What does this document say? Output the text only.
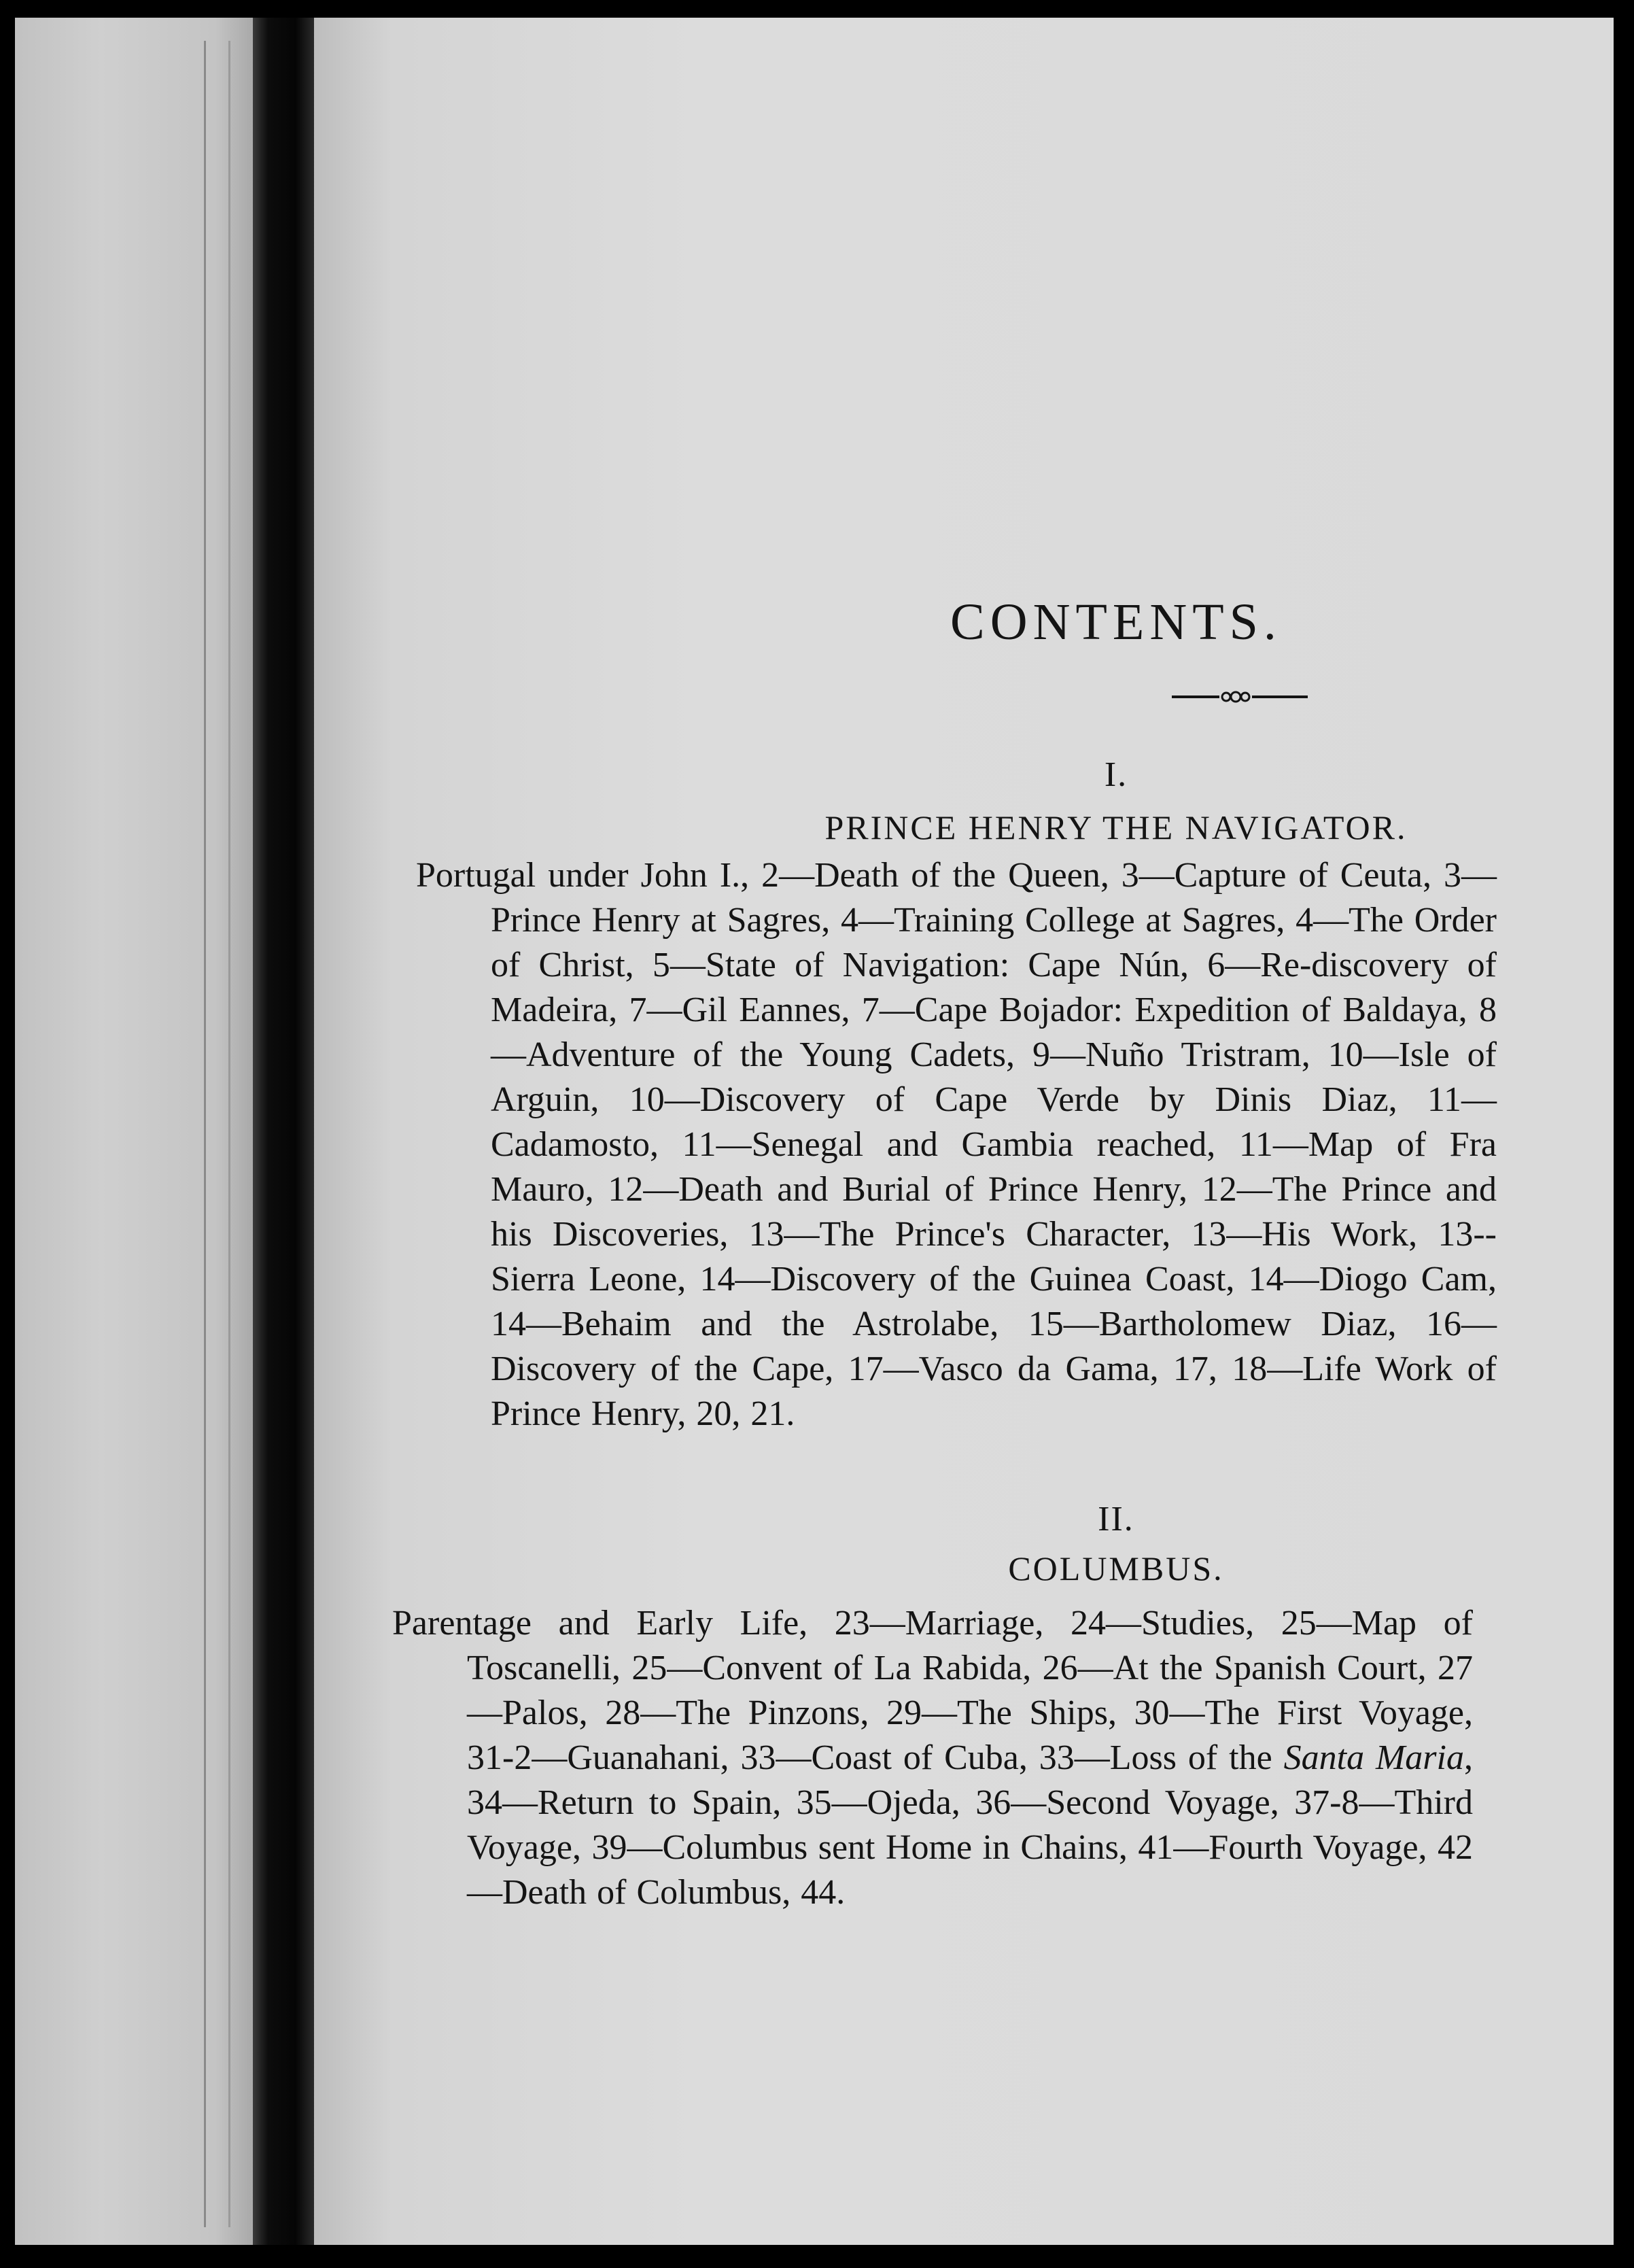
CONTENTS.
I.
PRINCE HENRY THE NAVIGATOR.
Portugal under John I., 2—Death of the Queen, 3—Capture of Ceuta, 3—Prince Henry at Sagres, 4—Training College at Sagres, 4—The Order of Christ, 5—State of Navigation: Cape Nún, 6—Re-discovery of Madeira, 7—Gil Eannes, 7—Cape Bojador: Expedition of Baldaya, 8—Adventure of the Young Cadets, 9—Nuño Tristram, 10—Isle of Arguin, 10—Discovery of Cape Verde by Dinis Diaz, 11—Cadamosto, 11—Senegal and Gambia reached, 11—Map of Fra Mauro, 12—Death and Burial of Prince Henry, 12—The Prince and his Discoveries, 13—The Prince's Character, 13—His Work, 13--Sierra Leone, 14—Discovery of the Guinea Coast, 14—Diogo Cam, 14—Behaim and the Astrolabe, 15—Bartholomew Diaz, 16—Discovery of the Cape, 17—Vasco da Gama, 17, 18—Life Work of Prince Henry, 20, 21.
II.
COLUMBUS.
Parentage and Early Life, 23—Marriage, 24—Studies, 25—Map of Toscanelli, 25—Convent of La Rabida, 26—At the Spanish Court, 27—Palos, 28—The Pinzons, 29—The Ships, 30—The First Voyage, 31-2—Guanahani, 33—Coast of Cuba, 33—Loss of the Santa Maria, 34—Return to Spain, 35—Ojeda, 36—Second Voyage, 37-8—Third Voyage, 39—Columbus sent Home in Chains, 41—Fourth Voyage, 42—Death of Columbus, 44.
